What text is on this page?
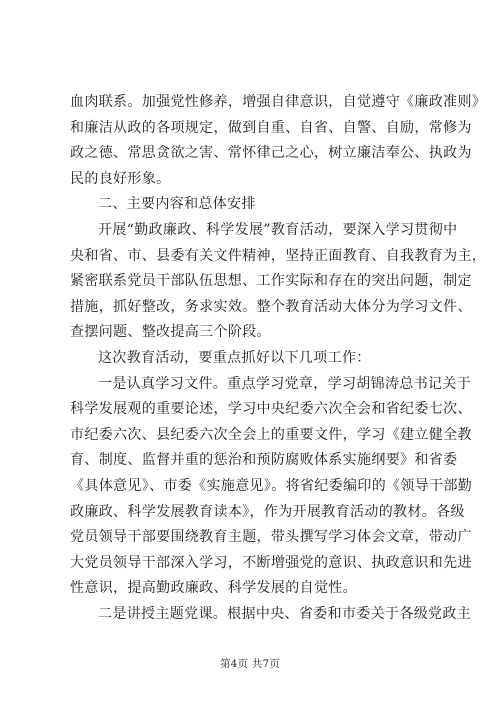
血肉联系。加强党性修养，增强自律意识，自觉遵守《廉政准则》
和廉洁从政的各项规定，做到自重、自省、自警、自励，常修为
政之德、常思贪欲之害、常怀律己之心，树立廉洁奉公、执政为
民的良好形象。
二、主要内容和总体安排
开展“勤政廉政、科学发展”教育活动，要深入学习贯彻中
央和省、市、县委有关文件精神，坚持正面教育、自我教育为主，
紧密联系党员干部队伍思想、工作实际和存在的突出问题，制定
措施，抓好整改，务求实效。整个教育活动大体分为学习文件、
查摆问题、整改提高三个阶段。
这次教育活动，要重点抓好以下几项工作：
一是认真学习文件。重点学习党章，学习胡锦涛总书记关于
科学发展观的重要论述，学习中央纪委六次全会和省纪委七次、
市纪委六次、县纪委六次全会上的重要文件，学习《建立健全教
育、制度、监督并重的惩治和预防腐败体系实施纲要》和省委
《具体意见》、市委《实施意见》。将省纪委编印的《领导干部勤
政廉政、科学发展教育读本》，作为开展教育活动的教材。各级
党员领导干部要围绕教育主题，带头撰写学习体会文章，带动广
大党员领导干部深入学习，不断增强党的意识、执政意识和先进
性意识，提高勤政廉政、科学发展的自觉性。
二是讲授主题党课。根据中央、省委和市委关于各级党政主
第4页 共7页
